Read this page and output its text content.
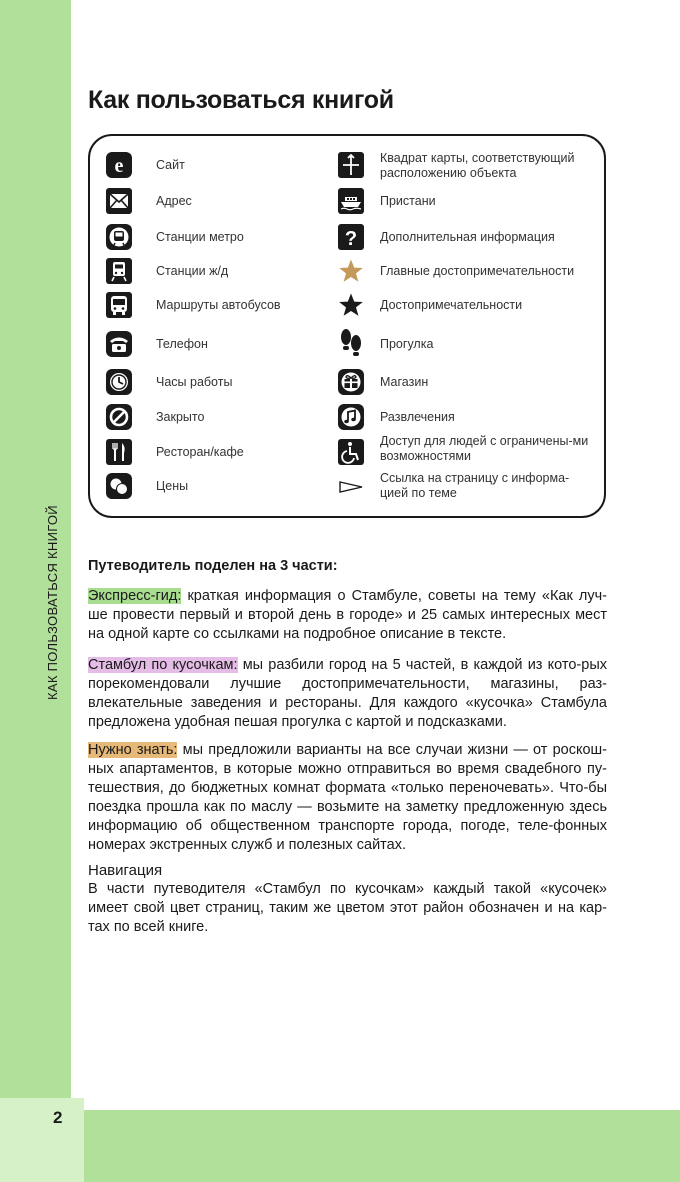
КАК ПОЛЬЗОВАТЬСЯ КНИГОЙ
2
Как пользоваться книгой
e	Сайт
Адрес
Станции метро
Станции ж/д
Маршруты автобусов
Телефон
Часы работы
Закрыто
Ресторан/кафе
Цены
Квадрат карты, соответствующий расположению объекта
Пристани
? Дополнительная информация
Главные достопримечательности
Достопримечательности
Прогулка
Магазин
Развлечения
Доступ для людей с ограничены-ми возможностями
Ссылка на страницу с информа-цией по теме
Путеводитель поделен на 3 части:
Экспресс-гид: краткая информация о Стамбуле, советы на тему «Как луч-ше провести первый и второй день в городе» и 25 самых интересных мест на одной карте со ссылками на подробное описание в тексте.
Стамбул по кусочкам: мы разбили город на 5 частей, в каждой из кото-рых порекомендовали лучшие достопримечательности, магазины, раз-влекательные заведения и рестораны. Для каждого «кусочка» Стамбула предложена удобная пешая прогулка с картой и подсказками.
Нужно знать: мы предложили варианты на все случаи жизни — от роскош-ных апартаментов, в которые можно отправиться во время свадебного пу-тешествия, до бюджетных комнат формата «только переночевать». Что-бы поездка прошла как по маслу — возьмите на заметку предложенную здесь информацию об общественном транспорте города, погоде, теле-фонных номерах экстренных служб и полезных сайтах.
Навигация
В части путеводителя «Стамбул по кусочкам» каждый такой «кусочек» имеет свой цвет страниц, таким же цветом этот район обозначен и на кар-тах по всей книге.
